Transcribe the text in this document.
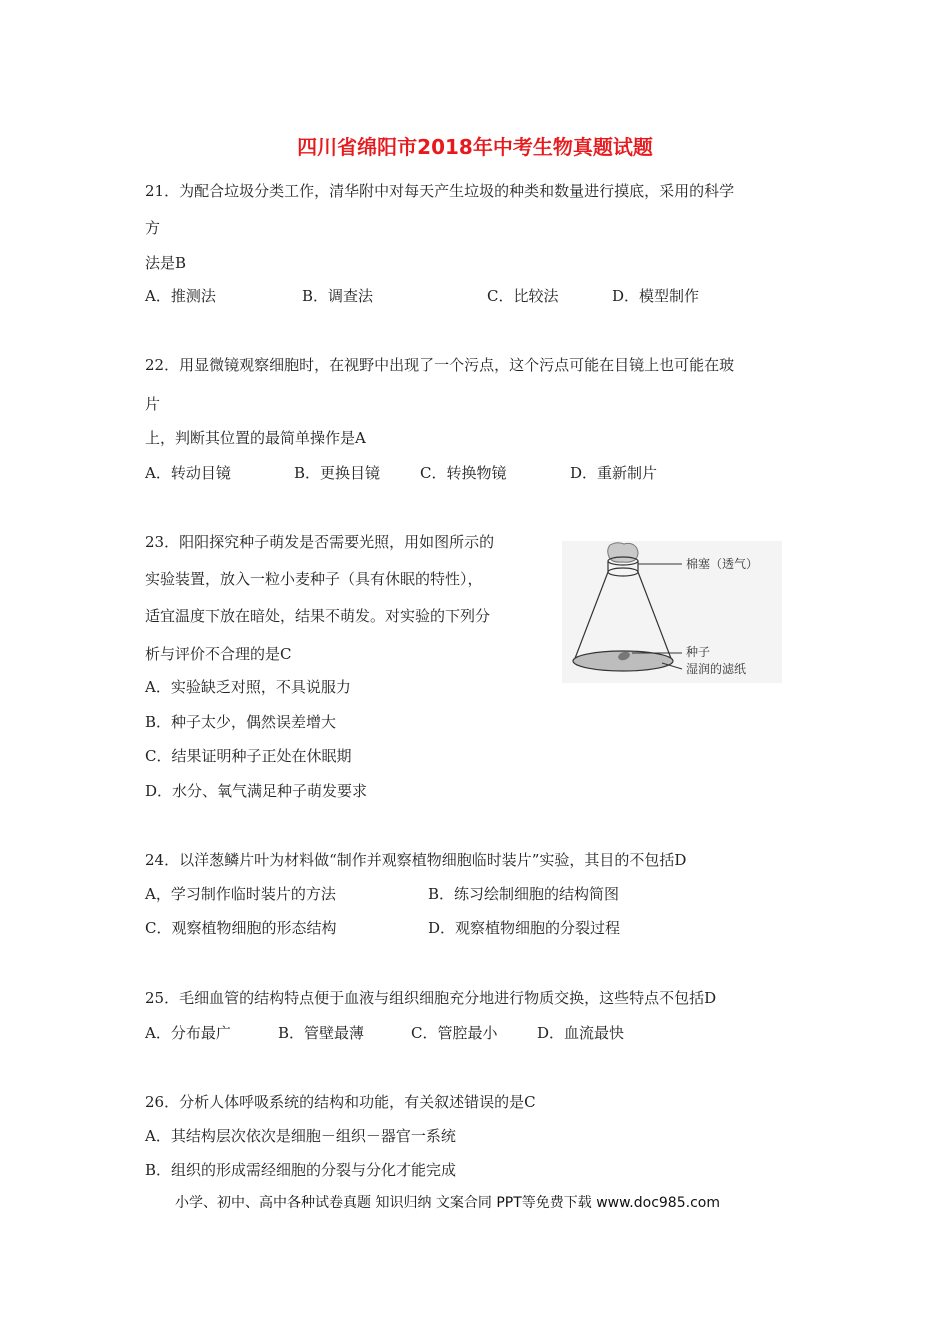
四川省绵阳市2018年中考生物真题试题
21．为配合垃圾分类工作，清华附中对每天产生垃圾的种类和数量进行摸底，采用的科学
方
法是B
A．推测法	B．调查法	C．比较法	D．模型制作
22．用显微镜观察细胞时，在视野中出现了一个污点，这个污点可能在目镜上也可能在玻
片
上，判断其位置的最简单操作是A
A．转动目镜	B．更换目镜	C．转换物镜	D．重新制片
23．阳阳探究种子萌发是否需要光照，用如图所示的
实验装置，放入一粒小麦种子（具有休眠的特性），
适宜温度下放在暗处，结果不萌发。对实验的下列分
析与评价不合理的是C
A．实验缺乏对照，不具说服力
B．种子太少，偶然误差增大
C．结果证明种子正处在休眠期
D．水分、氧气满足种子萌发要求
棉塞（透气）
种子
湿润的滤纸
24．以洋葱鳞片叶为材料做“制作并观察植物细胞临时装片”实验，其目的不包括D
A，学习制作临时装片的方法	B．练习绘制细胞的结构简图
C．观察植物细胞的形态结构	D．观察植物细胞的分裂过程
25．毛细血管的结构特点便于血液与组织细胞充分地进行物质交换，这些特点不包括D
A．分布最广	B．管壁最薄	C．管腔最小	D．血流最快
26．分析人体呼吸系统的结构和功能，有关叙述错误的是C
A．其结构层次依次是细胞－组织－器官一系统
B．组织的形成需经细胞的分裂与分化才能完成
小学、初中、高中各种试卷真题 知识归纳 文案合同 PPT等免费下载 www.doc985.com
